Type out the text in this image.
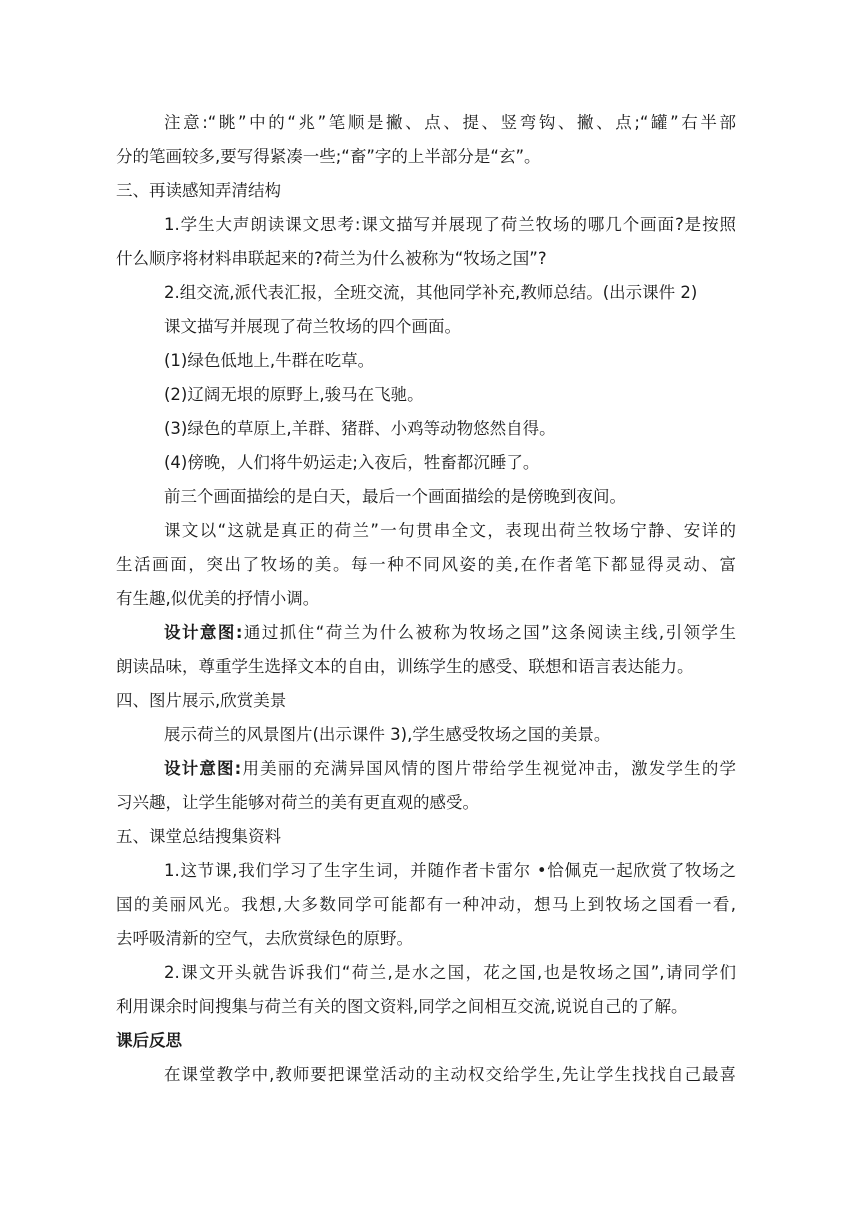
注意:“眺”中的“兆”笔顺是撇、点、提、竖弯钩、撇、点;“罐”右半部
分的笔画较多,要写得紧凑一些;“畜”字的上半部分是“玄”。
三、再读感知弄清结构
1.学生大声朗读课文思考:课文描写并展现了荷兰牧场的哪几个画面?是按照
什么顺序将材料串联起来的?荷兰为什么被称为“牧场之国”?
2.组交流,派代表汇报，全班交流，其他同学补充,教师总结。(出示课件 2)
课文描写并展现了荷兰牧场的四个画面。
(1)绿色低地上,牛群在吃草。
(2)辽阔无垠的原野上,骏马在飞驰。
(3)绿色的草原上,羊群、猪群、小鸡等动物悠然自得。
(4)傍晚，人们将牛奶运走;入夜后，牲畜都沉睡了。
前三个画面描绘的是白天，最后一个画面描绘的是傍晚到夜间。
课文以“这就是真正的荷兰”一句贯串全文，表现出荷兰牧场宁静、安详的
生活画面，突出了牧场的美。每一种不同风姿的美,在作者笔下都显得灵动、富
有生趣,似优美的抒情小调。
设计意图:通过抓住“荷兰为什么被称为牧场之国”这条阅读主线,引领学生
朗读品味，尊重学生选择文本的自由，训练学生的感受、联想和语言表达能力。
四、图片展示,欣赏美景
展示荷兰的风景图片(出示课件 3),学生感受牧场之国的美景。
设计意图:用美丽的充满异国风情的图片带给学生视觉冲击，激发学生的学
习兴趣，让学生能够对荷兰的美有更直观的感受。
五、课堂总结搜集资料
1.这节课,我们学习了生字生词，并随作者卡雷尔 •恰佩克一起欣赏了牧场之
国的美丽风光。我想,大多数同学可能都有一种冲动，想马上到牧场之国看一看,
去呼吸清新的空气，去欣赏绿色的原野。
2.课文开头就告诉我们“荷兰,是水之国，花之国,也是牧场之国”,请同学们
利用课余时间搜集与荷兰有关的图文资料,同学之间相互交流,说说自己的了解。
课后反思
在课堂教学中,教师要把课堂活动的主动权交给学生,先让学生找找自己最喜
